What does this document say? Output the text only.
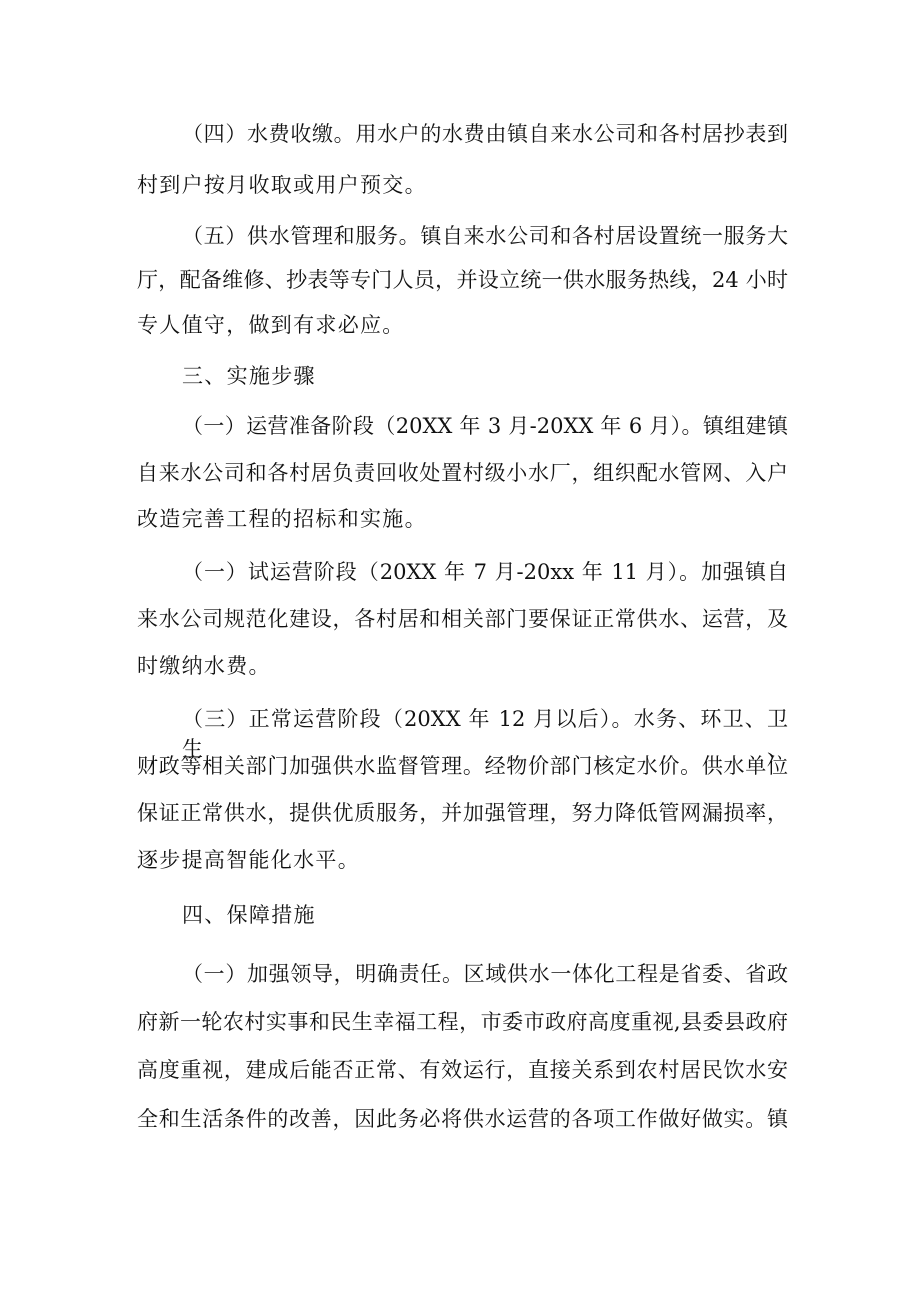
（四）水费收缴。用水户的水费由镇自来水公司和各村居抄表到
村到户按月收取或用户预交。
（五）供水管理和服务。镇自来水公司和各村居设置统一服务大
厅，配备维修、抄表等专门人员，并设立统一供水服务热线，24 小时
专人值守，做到有求必应。
三、实施步骤
（一）运营准备阶段（20XX 年 3 月-20XX 年 6 月）。镇组建镇
自来水公司和各村居负责回收处置村级小水厂，组织配水管网、入户
改造完善工程的招标和实施。
（一）试运营阶段（20XX 年 7 月-20xx 年 11 月）。加强镇自
来水公司规范化建设，各村居和相关部门要保证正常供水、运营，及
时缴纳水费。
（三）正常运营阶段（20XX 年 12 月以后）。水务、环卫、卫生、
财政等相关部门加强供水监督管理。经物价部门核定水价。供水单位
保证正常供水，提供优质服务，并加强管理，努力降低管网漏损率，
逐步提高智能化水平。
四、保障措施
（一）加强领导，明确责任。区域供水一体化工程是省委、省政
府新一轮农村实事和民生幸福工程，市委市政府高度重视,县委县政府
高度重视，建成后能否正常、有效运行，直接关系到农村居民饮水安
全和生活条件的改善，因此务必将供水运营的各项工作做好做实。镇
